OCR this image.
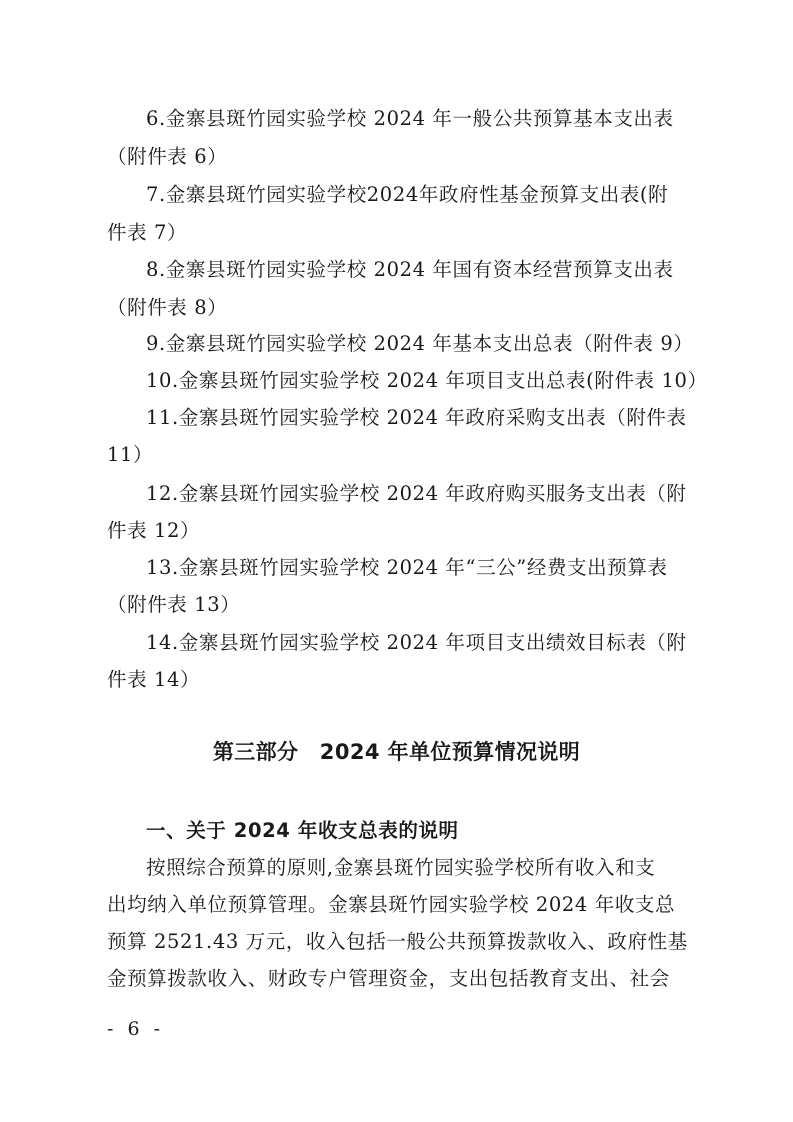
6.金寨县斑竹园实验学校 2024 年一般公共预算基本支出表
（附件表 6）
7.金寨县斑竹园实验学校2024年政府性基金预算支出表(附
件表 7）
8.金寨县斑竹园实验学校 2024 年国有资本经营预算支出表
（附件表 8）
9.金寨县斑竹园实验学校 2024 年基本支出总表（附件表 9）
10.金寨县斑竹园实验学校 2024 年项目支出总表(附件表 10）
11.金寨县斑竹园实验学校 2024 年政府采购支出表（附件表
11）
12.金寨县斑竹园实验学校 2024 年政府购买服务支出表（附
件表 12）
13.金寨县斑竹园实验学校 2024 年“三公”经费支出预算表
（附件表 13）
14.金寨县斑竹园实验学校 2024 年项目支出绩效目标表（附
件表 14）
第三部分　2024 年单位预算情况说明
一、关于 2024 年收支总表的说明
按照综合预算的原则,金寨县斑竹园实验学校所有收入和支
出均纳入单位预算管理。金寨县斑竹园实验学校 2024 年收支总
预算 2521.43 万元，收入包括一般公共预算拨款收入、政府性基
金预算拨款收入、财政专户管理资金，支出包括教育支出、社会
- 6 -
